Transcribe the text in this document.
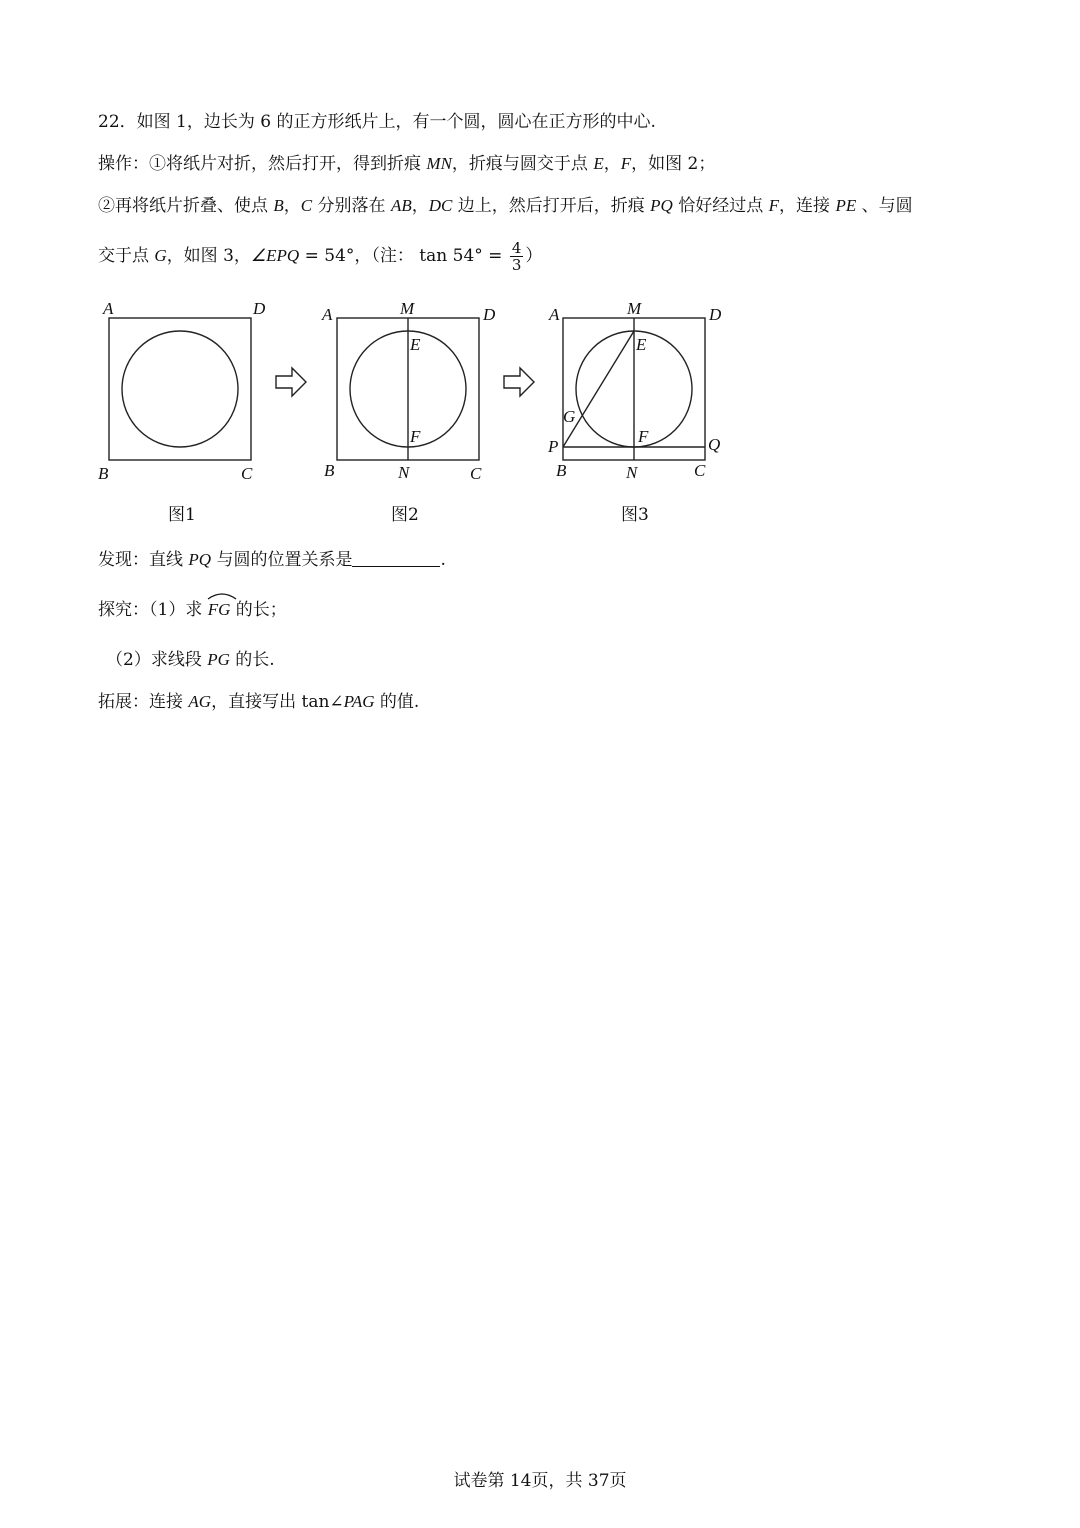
22．如图 1，边长为 6 的正方形纸片上，有一个圆，圆心在正方形的中心.
操作：①将纸片对折，然后打开，得到折痕 MN，折痕与圆交于点 E，F，如图 2；
②再将纸片折叠、使点 B，C 分别落在 AB，DC 边上，然后打开后，折痕 PQ 恰好经过点 F，连接 PE 、与圆
交于点 G，如图 3，∠EPQ = 54°，（注： $\tan 54^\circ = \frac{4}{3}$ ）
A	D
B	C
A	M	D
E
F
B	N	C
A	M	D
E
G
P
F	Q
B	N	C
图1	图2	图3
发现：直线 PQ 与圆的位置关系是	.
探究：（1）求
FG 的长；
（2）求线段 PG 的长.
拓展：连接 AG，直接写出 tan∠PAG 的值.
试卷第 14页，共 37页
